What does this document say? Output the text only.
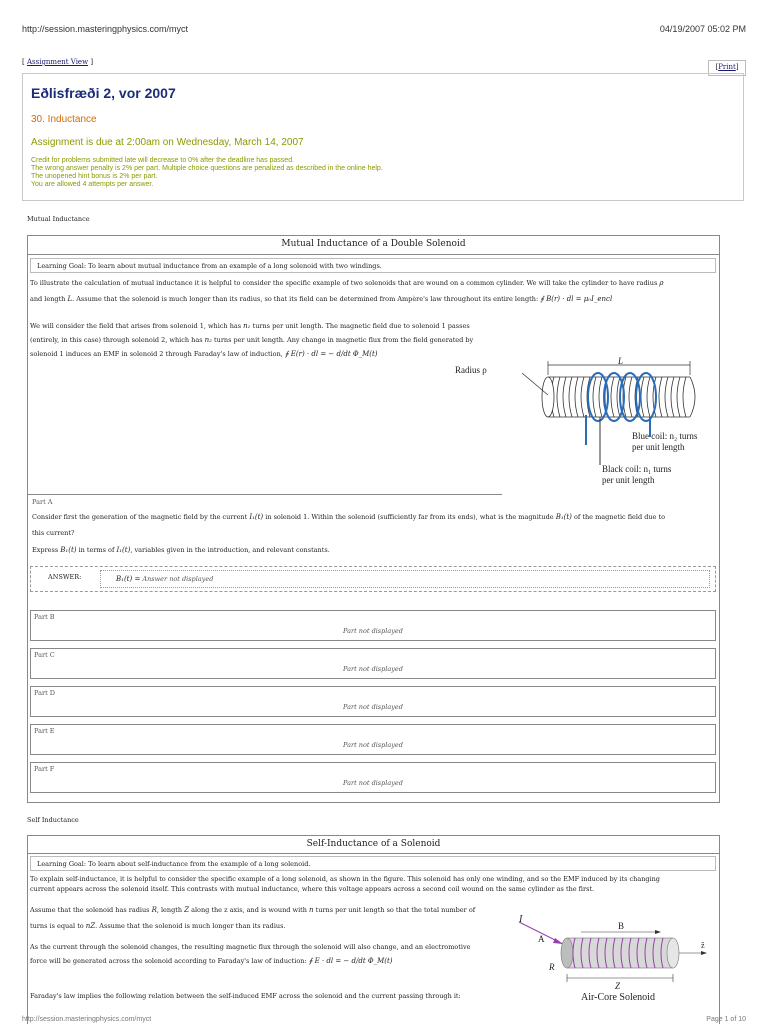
http://session.masteringphysics.com/myct	04/19/2007 05:02 PM
[ Assignment View ]
[Print]
Eðlisfræði 2, vor 2007
30. Inductance
Assignment is due at 2:00am on Wednesday, March 14, 2007
Credit for problems submitted late will decrease to 0% after the deadline has passed.
The wrong answer penalty is 2% per part. Multiple choice questions are penalized as described in the online help.
The unopened hint bonus is 2% per part.
You are allowed 4 attempts per answer.
Mutual Inductance
Mutual Inductance of a Double Solenoid
Learning Goal: To learn about mutual inductance from an example of a long solenoid with two windings.
To illustrate the calculation of mutual inductance it is helpful to consider the specific example of two solenoids that are wound on a common cylinder. We will take the cylinder to have radius ρ
and length L. Assume that the solenoid is much longer than its radius, so that its field can be determined from Ampère's law throughout its entire length: ∮ B(r) · dl = μ₀I_encl
We will consider the field that arises from solenoid 1, which has n₁ turns per unit length. The magnetic field due to solenoid 1 passes
(entirely, in this case) through solenoid 2, which has n₂ turns per unit length. Any change in magnetic flux from the field generated by
solenoid 1 induces an EMF in solenoid 2 through Faraday's law of induction, ∮ E(r) · dl = − d/dt Φ_M(t)
L
Radius ρ
Blue coil: n₂ turns
per unit length
Black coil: n₁ turns
per unit length
Part A
Consider first the generation of the magnetic field by the current I₁(t) in solenoid 1. Within the solenoid (sufficiently far from its ends), what is the magnitude B₁(t) of the magnetic field due to
this current?
Express B₁(t) in terms of I₁(t), variables given in the introduction, and relevant constants.
ANSWER:	B₁(t) = Answer not displayed
Part B
Part not displayed
Part C
Part not displayed
Part D
Part not displayed
Part E
Part not displayed
Part F
Part not displayed
Self Inductance
Self-Inductance of a Solenoid
Learning Goal: To learn about self-inductance from the example of a long solenoid.
To explain self-inductance, it is helpful to consider the specific example of a long solenoid, as shown in the figure. This solenoid has only one winding, and so the EMF induced by its changing
current appears across the solenoid itself. This contrasts with mutual inductance, where this voltage appears across a second coil wound on the same cylinder as the first.
Assume that the solenoid has radius R, length Z along the z axis, and is wound with n turns per unit length so that the total number of
turns is equal to nZ. Assume that the solenoid is much longer than its radius.
As the current through the solenoid changes, the resulting magnetic flux through the solenoid will also change, and an electromotive
force will be generated across the solenoid according to Faraday's law of induction: ∮ E · dl = − d/dt Φ_M(t)
Faraday's law implies the following relation between the self-induced EMF across the solenoid and the current passing through it:
I
A
B
ẑ
R
Z
Air-Core Solenoid
http://session.masteringphysics.com/myct	Page 1 of 10
